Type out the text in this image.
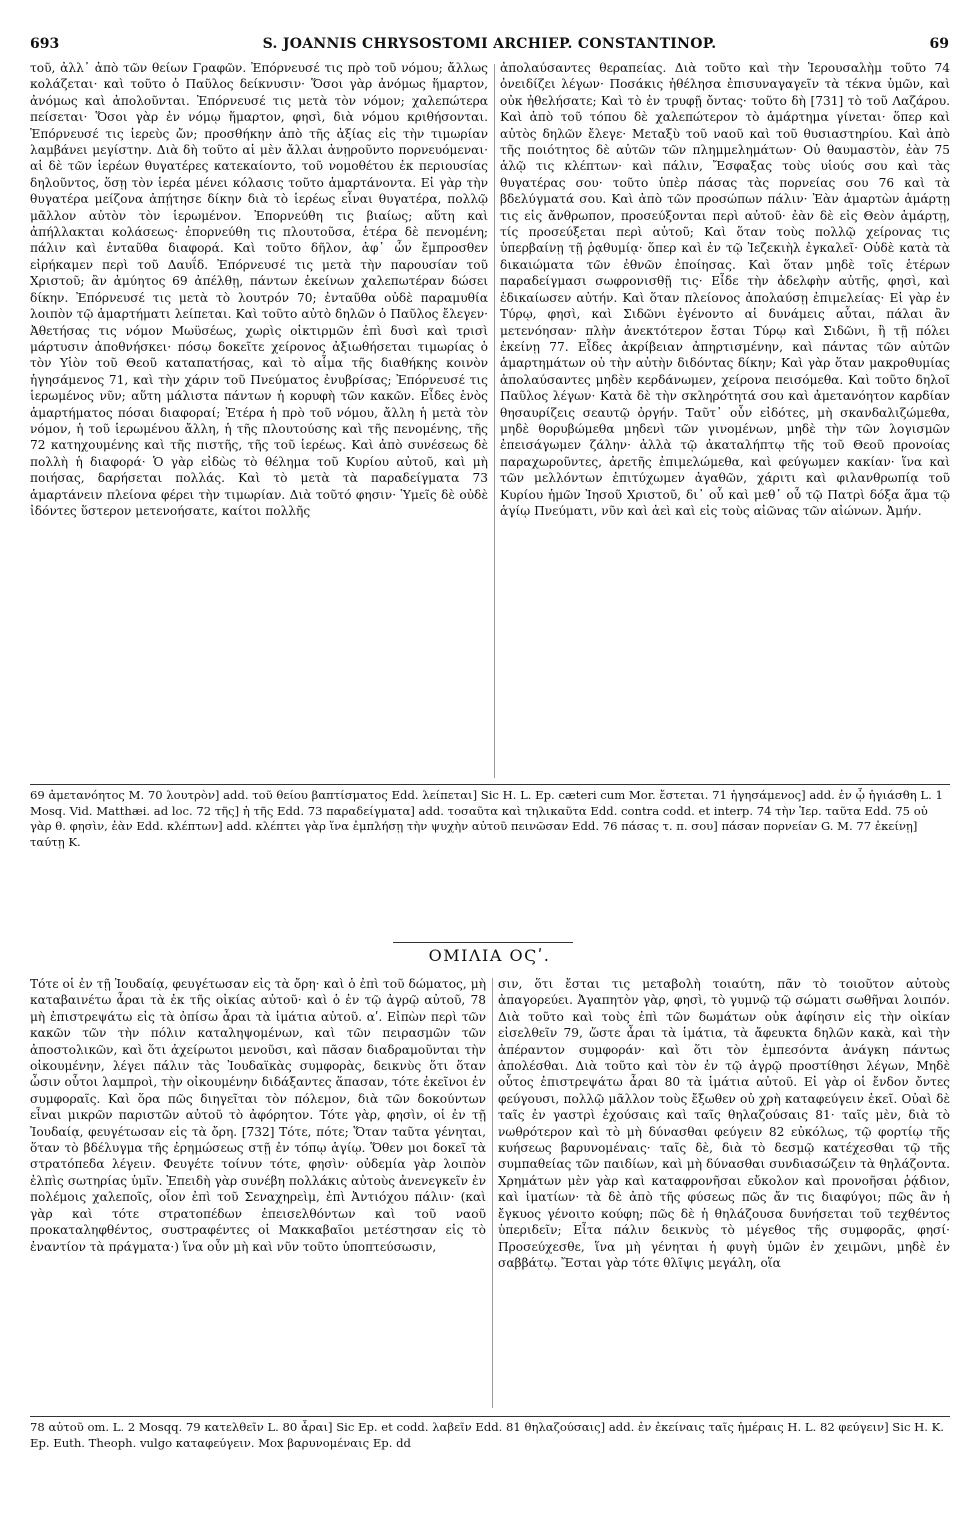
693	S. JOANNIS CHRYSOSTOMI ARCHIEP. CONSTANTINOP.	69

τοῦ, ἀλλ᾽ ἀπὸ τῶν θείων Γραφῶν. Ἐπόρνευσέ τις πρὸ τοῦ νόμου; ἄλλως κολάζεται· καὶ τοῦτο ὁ Παῦλος δείκνυσιν· Ὅσοι γὰρ ἀνόμως ἥμαρτον, ἀνόμως καὶ ἀπολοῦνται. Ἐπόρνευσέ τις μετὰ τὸν νόμον; χαλεπώτερα πείσεται· Ὅσοι γὰρ ἐν νόμῳ ἥμαρτον, φησὶ, διὰ νόμου κριθήσονται. Ἐπόρνευσέ τις ἱερεὺς ὤν; προσθήκην ἀπὸ τῆς ἀξίας εἰς τὴν τιμωρίαν λαμβάνει μεγίστην. Διὰ δὴ τοῦτο αἱ μὲν ἄλλαι ἀνῃροῦντο πορνευόμεναι· αἱ δὲ τῶν ἱερέων θυγατέρες κατεκαίοντο, τοῦ νομοθέτου ἐκ περιουσίας δηλοῦντος, ὅσῃ τὸν ἱερέα μένει κόλασις τοῦτο ἁμαρτάνοντα. Εἰ γὰρ τὴν θυγατέρα μείζονα ἀπῄτησε δίκην διὰ τὸ ἱερέως εἶναι θυγατέρα, πολλῷ μᾶλλον αὐτὸν τὸν ἱερωμένον. Ἐπορνεύθη τις βιαίως; αὕτη καὶ ἀπήλλακται κολάσεως· ἐπορνεύθη τις πλουτοῦσα, ἑτέρα δὲ πενομένη; πάλιν καὶ ἐνταῦθα διαφορά. Καὶ τοῦτο δῆλον, ἀφ᾽ ὧν ἔμπροσθεν εἰρήκαμεν περὶ τοῦ Δαυΐδ. Ἐπόρνευσέ τις μετὰ τὴν παρουσίαν τοῦ Χριστοῦ; ἂν ἀμύητος 69 ἀπέλθῃ, πάντων ἐκείνων χαλεπωτέραν δώσει δίκην. Ἐπόρνευσέ τις μετὰ τὸ λουτρόν 70; ἐνταῦθα οὐδὲ παραμυθία λοιπὸν τῷ ἁμαρτήματι λείπεται. Καὶ τοῦτο αὐτὸ δηλῶν ὁ Παῦλος ἔλεγεν· Ἀθετήσας τις νόμον Μωϋσέως, χωρὶς οἰκτιρμῶν ἐπὶ δυσὶ καὶ τρισὶ μάρτυσιν ἀποθνήσκει· πόσῳ δοκεῖτε χείρονος ἀξιωθήσεται τιμωρίας ὁ τὸν Υἱὸν τοῦ Θεοῦ καταπατήσας, καὶ τὸ αἷμα τῆς διαθήκης κοινὸν ἡγησάμενος 71, καὶ τὴν χάριν τοῦ Πνεύματος ἐνυβρίσας; Ἐπόρνευσέ τις ἱερωμένος νῦν; αὕτη μάλιστα πάντων ἡ κορυφὴ τῶν κακῶν. Εἶδες ἑνὸς ἁμαρτήματος πόσαι διαφοραί; Ἑτέρα ἡ πρὸ τοῦ νόμου, ἄλλη ἡ μετὰ τὸν νόμον, ἡ τοῦ ἱερωμένου ἄλλη, ἡ τῆς πλουτούσης καὶ τῆς πενομένης, τῆς 72 κατηχουμένης καὶ τῆς πιστῆς, τῆς τοῦ ἱερέως. Καὶ ἀπὸ συνέσεως δὲ πολλὴ ἡ διαφορά· Ὁ γὰρ εἰδὼς τὸ θέλημα τοῦ Κυρίου αὐτοῦ, καὶ μὴ ποιήσας, δαρήσεται πολλάς. Καὶ τὸ μετὰ τὰ παραδείγματα 73 ἁμαρτάνειν πλείονα φέρει τὴν τιμωρίαν. Διὰ τοῦτό φησιν· Ὑμεῖς δὲ οὐδὲ ἰδόντες ὕστερον μετενοήσατε, καίτοι πολλῆς

ἀπολαύσαντες θεραπείας. Διὰ τοῦτο καὶ τὴν Ἱερουσαλὴμ τοῦτο 74 ὀνειδίζει λέγων· Ποσάκις ἠθέλησα ἐπισυναγαγεῖν τὰ τέκνα ὑμῶν, καὶ οὐκ ἠθελήσατε; Καὶ τὸ ἐν τρυφῇ ὄντας· τοῦτο δὴ [731] τὸ τοῦ Λαζάρου. Καὶ ἀπὸ τοῦ τόπου δὲ χαλεπώτερον τὸ ἁμάρτημα γίνεται· ὅπερ καὶ αὐτὸς δηλῶν ἔλεγε· Μεταξὺ τοῦ ναοῦ καὶ τοῦ θυσιαστηρίου. Καὶ ἀπὸ τῆς ποιότητος δὲ αὐτῶν τῶν πλημμελημάτων· Οὐ θαυμαστὸν, ἐὰν 75 ἁλῷ τις κλέπτων· καὶ πάλιν, Ἔσφαξας τοὺς υἱούς σου καὶ τὰς θυγατέρας σου· τοῦτο ὑπὲρ πάσας τὰς πορνείας σου 76 καὶ τὰ βδελύγματά σου. Καὶ ἀπὸ τῶν προσώπων πάλιν· Ἐὰν ἁμαρτὼν ἁμάρτῃ τις εἰς ἄνθρωπον, προσεύξονται περὶ αὐτοῦ· ἐὰν δὲ εἰς Θεὸν ἁμάρτῃ, τίς προσεύξεται περὶ αὐτοῦ; Καὶ ὅταν τοὺς πολλῷ χείρονας τις ὑπερβαίνῃ τῇ ῥᾳθυμίᾳ· ὅπερ καὶ ἐν τῷ Ἰεζεκιὴλ ἐγκαλεῖ· Οὐδὲ κατὰ τὰ δικαιώματα τῶν ἐθνῶν ἐποίησας. Καὶ ὅταν μηδὲ τοῖς ἑτέρων παραδείγμασι σωφρονισθῇ τις· Εἶδε τὴν ἀδελφὴν αὐτῆς, φησὶ, καὶ ἐδικαίωσεν αὐτήν. Καὶ ὅταν πλείονος ἀπολαύσῃ ἐπιμελείας· Εἰ γὰρ ἐν Τύρῳ, φησὶ, καὶ Σιδῶνι ἐγένοντο αἱ δυνάμεις αὗται, πάλαι ἂν μετενόησαν· πλὴν ἀνεκτότερον ἔσται Τύρῳ καὶ Σιδῶνι, ἢ τῇ πόλει ἐκείνῃ 77. Εἶδες ἀκρίβειαν ἀπηρτισμένην, καὶ πάντας τῶν αὐτῶν ἁμαρτημάτων οὐ τὴν αὐτὴν διδόντας δίκην; Καὶ γὰρ ὅταν μακροθυμίας ἀπολαύσαντες μηδὲν κερδάνωμεν, χείρονα πεισόμεθα. Καὶ τοῦτο δηλοῖ Παῦλος λέγων· Κατὰ δὲ τὴν σκληρότητά σου καὶ ἀμετανόητον καρδίαν θησαυρίζεις σεαυτῷ ὀργήν. Ταῦτ᾽ οὖν εἰδότες, μὴ σκανδαλιζώμεθα, μηδὲ θορυβώμεθα μηδενὶ τῶν γινομένων, μηδὲ τὴν τῶν λογισμῶν ἐπεισάγωμεν ζάλην· ἀλλὰ τῷ ἀκαταλήπτῳ τῆς τοῦ Θεοῦ προνοίας παραχωροῦντες, ἀρετῆς ἐπιμελώμεθα, καὶ φεύγωμεν κακίαν· ἵνα καὶ τῶν μελλόντων ἐπιτύχωμεν ἀγαθῶν, χάριτι καὶ φιλανθρωπίᾳ τοῦ Κυρίου ἡμῶν Ἰησοῦ Χριστοῦ, δι᾽ οὗ καὶ μεθ᾽ οὗ τῷ Πατρὶ δόξα ἅμα τῷ ἁγίῳ Πνεύματι, νῦν καὶ ἀεὶ καὶ εἰς τοὺς αἰῶνας τῶν αἰώνων. Ἀμήν.

69 ἀμετανόητος M. 70 λουτρὸν] add. τοῦ θείου βαπτίσματος Edd. λείπεται] Sic H. L. Ep. cæteri cum Mor. ἔστεται. 71 ἡγησάμενος] add. ἐν ᾧ ἡγιάσθη L. 1 Mosq. Vid. Matthæi. ad loc. 72 τῆς] ἡ τῆς Edd. 73 παραδείγματα] add. τοσαῦτα καὶ τηλικαῦτα Edd. contra codd. et interp. 74 τὴν Ἱερ. ταῦτα Edd. 75 οὐ γὰρ θ. φησὶν, ἐὰν Edd. κλέπτων] add. κλέπτει γὰρ ἵνα ἐμπλήσῃ τὴν ψυχὴν αὐτοῦ πεινῶσαν Edd. 76 πάσας τ. π. σου] πάσαν πορνείαν G. M. 77 ἐκείνῃ] ταύτῃ K.

ΟΜΙΛΙΑ ΟϚʹ.

Τότε οἱ ἐν τῇ Ἰουδαίᾳ, φευγέτωσαν εἰς τὰ ὄρη· καὶ ὁ ἐπὶ τοῦ δώματος, μὴ καταβαινέτω ἆραι τὰ ἐκ τῆς οἰκίας αὐτοῦ· καὶ ὁ ἐν τῷ ἀγρῷ αὐτοῦ, 78 μὴ ἐπιστρεψάτω εἰς τὰ ὀπίσω ἆραι τὰ ἱμάτια αὐτοῦ. αʹ. Εἰπὼν περὶ τῶν κακῶν τῶν τὴν πόλιν καταληψομένων, καὶ τῶν πειρασμῶν τῶν ἀποστολικῶν, καὶ ὅτι ἀχείρωτοι μενοῦσι, καὶ πᾶσαν διαδραμοῦνται τὴν οἰκουμένην, λέγει πάλιν τὰς Ἰουδαϊκὰς συμφορὰς, δεικνὺς ὅτι ὅταν ὦσιν οὗτοι λαμπροὶ, τὴν οἰκουμένην διδάξαντες ἅπασαν, τότε ἐκεῖνοι ἐν συμφοραῖς. Καὶ ὅρα πῶς διηγεῖται τὸν πόλεμον, διὰ τῶν δοκούντων εἶναι μικρῶν παριστῶν αὐτοῦ τὸ ἀφόρητον. Τότε γὰρ, φησὶν, οἱ ἐν τῇ Ἰουδαίᾳ, φευγέτωσαν εἰς τὰ ὄρη. [732] Τότε, πότε; Ὅταν ταῦτα γένηται, ὅταν τὸ βδέλυγμα τῆς ἐρημώσεως στῇ ἐν τόπῳ ἁγίῳ. Ὅθεν μοι δοκεῖ τὰ στρατόπεδα λέγειν. Φευγέτε τοίνυν τότε, φησὶν· οὐδεμία γὰρ λοιπὸν ἐλπὶς σωτηρίας ὑμῖν. Ἐπειδὴ γὰρ συνέβη πολλάκις αὐτοὺς ἀνενεγκεῖν ἐν πολέμοις χαλεποῖς, οἷον ἐπὶ τοῦ Σεναχηρεὶμ, ἐπὶ Ἀντιόχου πάλιν· (καὶ γὰρ καὶ τότε στρατοπέδων ἐπεισελθόντων καὶ τοῦ ναοῦ προκαταληφθέντος, συστραφέντες οἱ Μακκαβαῖοι μετέστησαν εἰς τὸ ἐναντίον τὰ πράγματα·) ἵνα οὖν μὴ καὶ νῦν τοῦτο ὑποπτεύσωσιν,

σιν, ὅτι ἔσται τις μεταβολὴ τοιαύτη, πᾶν τὸ τοιοῦτον αὐτοὺς ἀπαγορεύει. Ἀγαπητὸν γὰρ, φησὶ, τὸ γυμνῷ τῷ σώματι σωθῆναι λοιπόν. Διὰ τοῦτο καὶ τοὺς ἐπὶ τῶν δωμάτων οὐκ ἀφίησιν εἰς τὴν οἰκίαν εἰσελθεῖν 79, ὥστε ἆραι τὰ ἱμάτια, τὰ ἄφευκτα δηλῶν κακὰ, καὶ τὴν ἀπέραντον συμφοράν· καὶ ὅτι τὸν ἐμπεσόντα ἀνάγκη πάντως ἀπολέσθαι. Διὰ τοῦτο καὶ τὸν ἐν τῷ ἀγρῷ προστίθησι λέγων, Μηδὲ οὗτος ἐπιστρεψάτω ἆραι 80 τὰ ἱμάτια αὐτοῦ. Εἰ γὰρ οἱ ἔνδον ὄντες φεύγουσι, πολλῷ μᾶλλον τοὺς ἔξωθεν οὐ χρὴ καταφεύγειν ἐκεῖ. Οὐαὶ δὲ ταῖς ἐν γαστρὶ ἐχούσαις καὶ ταῖς θηλαζούσαις 81· ταῖς μὲν, διὰ τὸ νωθρότερον καὶ τὸ μὴ δύνασθαι φεύγειν 82 εὐκόλως, τῷ φορτίῳ τῆς κυήσεως βαρυνομέναις· ταῖς δὲ, διὰ τὸ δεσμῷ κατέχεσθαι τῷ τῆς συμπαθείας τῶν παιδίων, καὶ μὴ δύνασθαι συνδιασώζειν τὰ θηλάζοντα. Χρημάτων μὲν γὰρ καὶ καταφρονῆσαι εὔκολον καὶ προνοῆσαι ῥᾴδιον, καὶ ἱματίων· τὰ δὲ ἀπὸ τῆς φύσεως πῶς ἄν τις διαφύγοι; πῶς ἂν ἡ ἔγκυος γένοιτο κούφη; πῶς δὲ ἡ θηλάζουσα δυνήσεται τοῦ τεχθέντος ὑπεριδεῖν; Εἶτα πάλιν δεικνὺς τὸ μέγεθος τῆς συμφορᾶς, φησί· Προσεύχεσθε, ἵνα μὴ γένηται ἡ φυγὴ ὑμῶν ἐν χειμῶνι, μηδὲ ἐν σαββάτῳ. Ἔσται γὰρ τότε θλῖψις μεγάλη, οἵα

78 αὐτοῦ om. L. 2 Mosqq. 79 κατελθεῖν L. 80 ἆραι] Sic Ep. et codd. λαβεῖν Edd. 81 θηλαζούσαις] add. ἐν ἐκείναις ταῖς ἡμέραις H. L. 82 φεύγειν] Sic H. K. Ep. Euth. Theoph. vulgo καταφεύγειν. Mox βαρυνομέναις Ep. dd
